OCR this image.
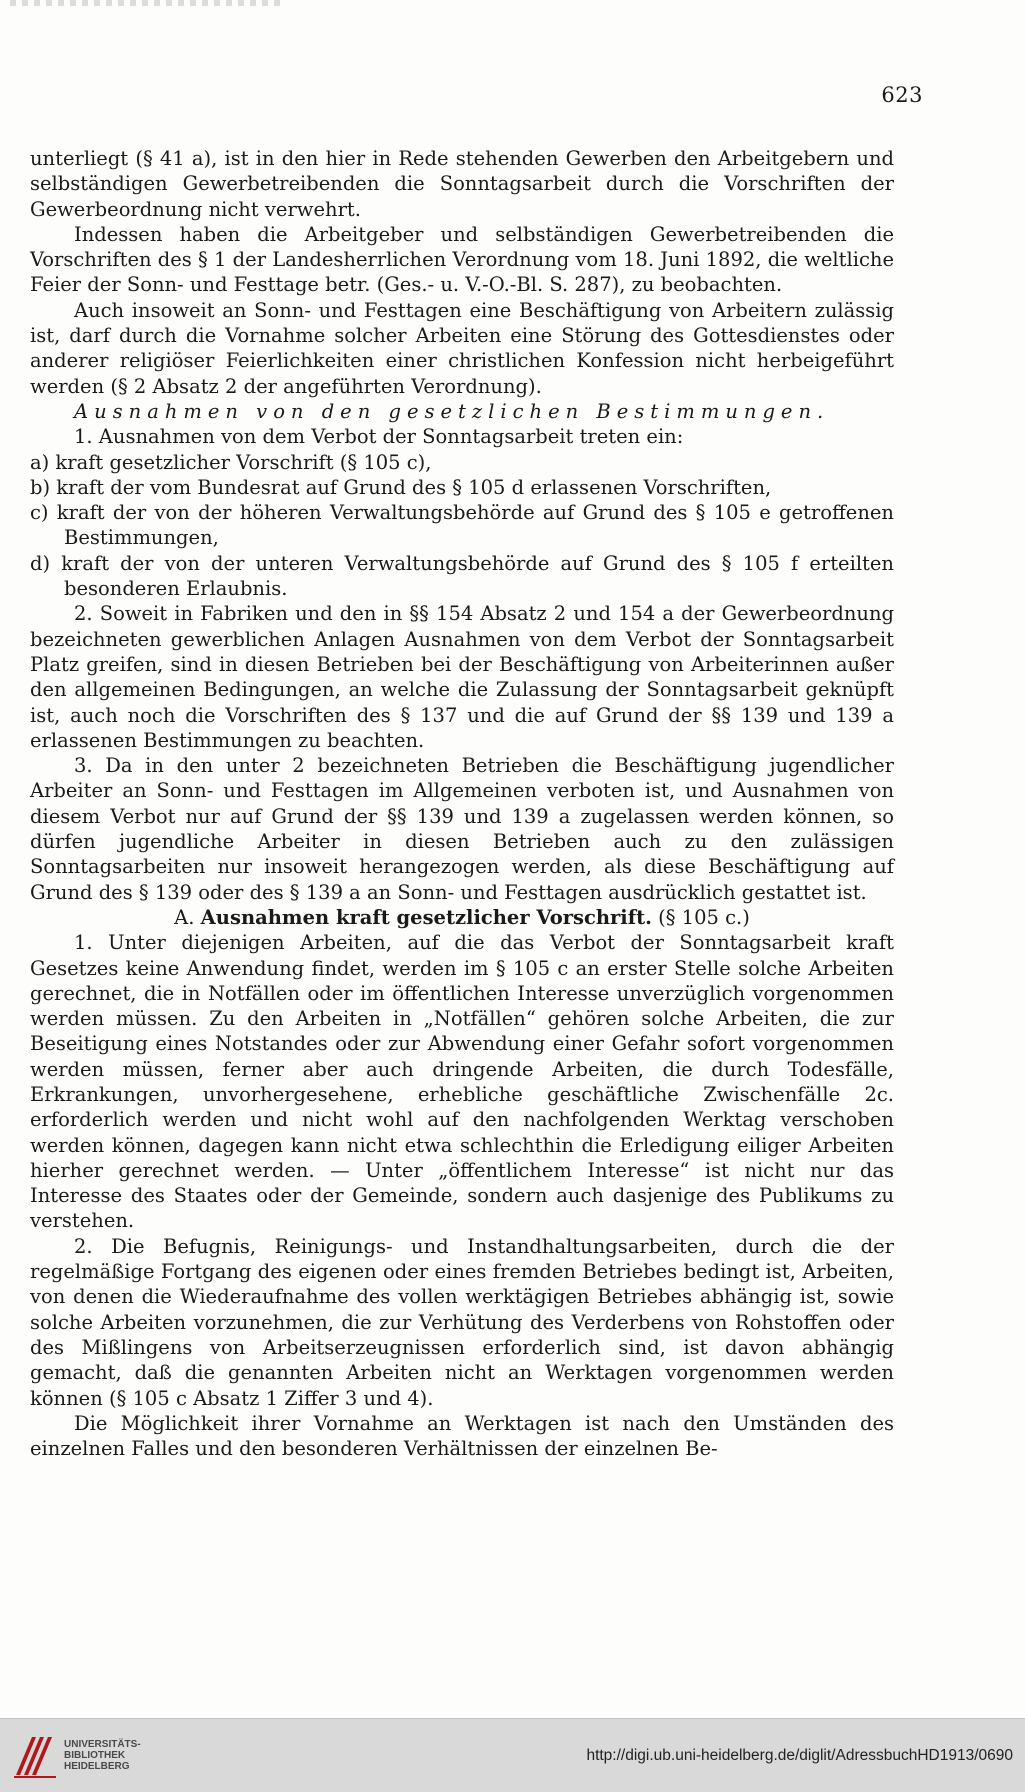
623

unterliegt (§ 41 a), ist in den hier in Rede stehenden Gewerben den Arbeitgebern und selbständigen Gewerbetreibenden die Sonntagsarbeit durch die Vorschriften der Gewerbeordnung nicht verwehrt.

Indessen haben die Arbeitgeber und selbständigen Gewerbetreibenden die Vorschriften des § 1 der Landesherrlichen Verordnung vom 18. Juni 1892, die weltliche Feier der Sonn- und Festtage betr. (Ges.- u. V.-O.-Bl. S. 287), zu beobachten.

Auch insoweit an Sonn- und Festtagen eine Beschäftigung von Arbeitern zulässig ist, darf durch die Vornahme solcher Arbeiten eine Störung des Gottesdienstes oder anderer religiöser Feierlichkeiten einer christlichen Konfession nicht herbeigeführt werden (§ 2 Absatz 2 der angeführten Verordnung).

Ausnahmen von den gesetzlichen Bestimmungen.

1. Ausnahmen von dem Verbot der Sonntagsarbeit treten ein:

a) kraft gesetzlicher Vorschrift (§ 105 c),

b) kraft der vom Bundesrat auf Grund des § 105 d erlassenen Vorschriften,

c) kraft der von der höheren Verwaltungsbehörde auf Grund des § 105 e getroffenen Bestimmungen,

d) kraft der von der unteren Verwaltungsbehörde auf Grund des § 105 f erteilten besonderen Erlaubnis.

2. Soweit in Fabriken und den in §§ 154 Absatz 2 und 154 a der Gewerbeordnung bezeichneten gewerblichen Anlagen Ausnahmen von dem Verbot der Sonntagsarbeit Platz greifen, sind in diesen Betrieben bei der Beschäftigung von Arbeiterinnen außer den allgemeinen Bedingungen, an welche die Zulassung der Sonntagsarbeit geknüpft ist, auch noch die Vorschriften des § 137 und die auf Grund der §§ 139 und 139 a erlassenen Bestimmungen zu beachten.

3. Da in den unter 2 bezeichneten Betrieben die Beschäftigung jugendlicher Arbeiter an Sonn- und Festtagen im Allgemeinen verboten ist, und Ausnahmen von diesem Verbot nur auf Grund der §§ 139 und 139 a zugelassen werden können, so dürfen jugendliche Arbeiter in diesen Betrieben auch zu den zulässigen Sonntagsarbeiten nur insoweit herangezogen werden, als diese Beschäftigung auf Grund des § 139 oder des § 139 a an Sonn- und Festtagen ausdrücklich gestattet ist.

A. Ausnahmen kraft gesetzlicher Vorschrift. (§ 105 c.)

1. Unter diejenigen Arbeiten, auf die das Verbot der Sonntagsarbeit kraft Gesetzes keine Anwendung findet, werden im § 105 c an erster Stelle solche Arbeiten gerechnet, die in Notfällen oder im öffentlichen Interesse unverzüglich vorgenommen werden müssen. Zu den Arbeiten in „Notfällen“ gehören solche Arbeiten, die zur Beseitigung eines Notstandes oder zur Abwendung einer Gefahr sofort vorgenommen werden müssen, ferner aber auch dringende Arbeiten, die durch Todesfälle, Erkrankungen, unvorhergesehene, erhebliche geschäftliche Zwischenfälle 2c. erforderlich werden und nicht wohl auf den nachfolgenden Werktag verschoben werden können, dagegen kann nicht etwa schlechthin die Erledigung eiliger Arbeiten hierher gerechnet werden. — Unter „öffentlichem Interesse“ ist nicht nur das Interesse des Staates oder der Gemeinde, sondern auch dasjenige des Publikums zu verstehen.

2. Die Befugnis, Reinigungs- und Instandhaltungsarbeiten, durch die der regelmäßige Fortgang des eigenen oder eines fremden Betriebes bedingt ist, Arbeiten, von denen die Wiederaufnahme des vollen werktägigen Betriebes abhängig ist, sowie solche Arbeiten vorzunehmen, die zur Verhütung des Verderbens von Rohstoffen oder des Mißlingens von Arbeitserzeugnissen erforderlich sind, ist davon abhängig gemacht, daß die genannten Arbeiten nicht an Werktagen vorgenommen werden können (§ 105 c Absatz 1 Ziffer 3 und 4).

Die Möglichkeit ihrer Vornahme an Werktagen ist nach den Umständen des einzelnen Falles und den besonderen Verhältnissen der einzelnen Be-

UNIVERSITÄTS-
BIBLIOTHEK
HEIDELBERG
http://digi.ub.uni-heidelberg.de/diglit/AdressbuchHD1913/0690
